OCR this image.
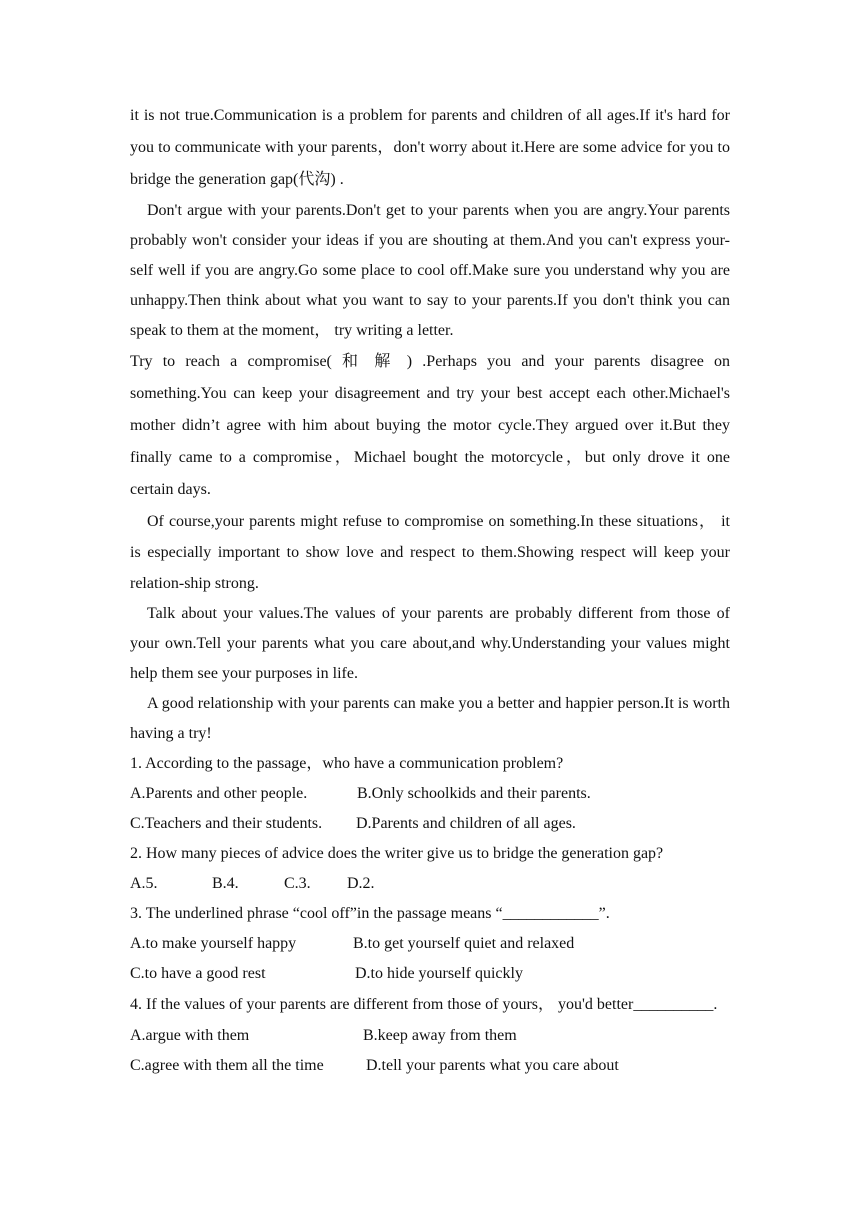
it is not true.Communication is a problem for parents and children of all ages.If it's hard for you to communicate with your parents，don't worry about it.Here are some advice for you to bridge the generation gap(代沟) .

Don't argue with your parents.Don't get to your parents when you are angry.Your parents probably won't consider your ideas if you are shouting at them.And you can't express your-self well if you are angry.Go some place to cool off.Make sure you understand why you are unhappy.Then think about what you want to say to your parents.If you don't think you can speak to them at the moment， try writing a letter.

Try to reach a compromise( 和 解 ) .Perhaps you and your parents disagree on something.You can keep your disagreement and try your best accept each other.Michael's mother didn’t agree with him about buying the motor cycle.They argued over it.But they finally came to a compromise，Michael bought the motorcycle，but only drove it one certain days.

Of course,your parents might refuse to compromise on something.In these situations， it is especially important to show love and respect to them.Showing respect will keep your relation-ship strong.

Talk about your values.The values of your parents are probably different from those of your own.Tell your parents what you care about,and why.Understanding your values might help them see your purposes in life.

A good relationship with your parents can make you a better and happier person.It is worth having a try!

1. According to the passage，who have a communication problem?

A.Parents and other people.	B.Only schoolkids and their parents.
C.Teachers and their students. D.Parents and children of all ages.

2. How many pieces of advice does the writer give us to bridge the generation gap?

A.5.	B.4.	C.3. D.2.

3. The underlined phrase “cool off”in the passage means “____________”.

A.to make yourself happy	B.to get yourself quiet and relaxed
C.to have a good rest	D.to hide yourself quickly

4. If the values of your parents are different from those of yours， you'd better__________.

A.argue with them	B.keep away from them
C.agree with them all the time	D.tell your parents what you care about
